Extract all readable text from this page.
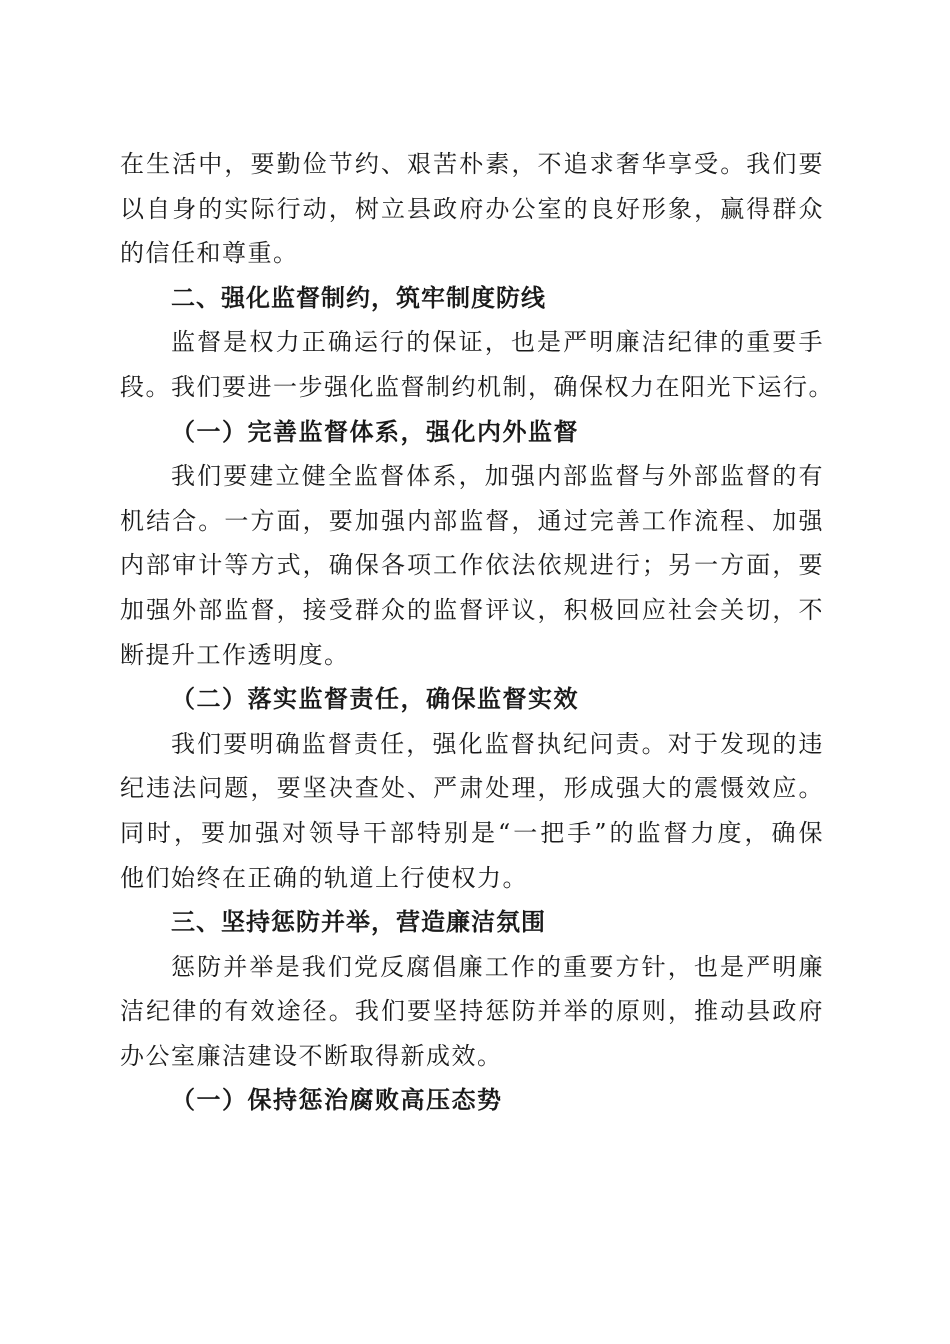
在生活中，要勤俭节约、艰苦朴素，不追求奢华享受。我们要
以自身的实际行动，树立县政府办公室的良好形象，赢得群众
的信任和尊重。
二、强化监督制约，筑牢制度防线
监督是权力正确运行的保证，也是严明廉洁纪律的重要手
段。我们要进一步强化监督制约机制，确保权力在阳光下运行。
（一）完善监督体系，强化内外监督
我们要建立健全监督体系，加强内部监督与外部监督的有
机结合。一方面，要加强内部监督，通过完善工作流程、加强
内部审计等方式，确保各项工作依法依规进行；另一方面，要
加强外部监督，接受群众的监督评议，积极回应社会关切，不
断提升工作透明度。
（二）落实监督责任，确保监督实效
我们要明确监督责任，强化监督执纪问责。对于发现的违
纪违法问题，要坚决查处、严肃处理，形成强大的震慑效应。
同时，要加强对领导干部特别是“一把手”的监督力度，确保
他们始终在正确的轨道上行使权力。
三、坚持惩防并举，营造廉洁氛围
惩防并举是我们党反腐倡廉工作的重要方针，也是严明廉
洁纪律的有效途径。我们要坚持惩防并举的原则，推动县政府
办公室廉洁建设不断取得新成效。
（一）保持惩治腐败高压态势
